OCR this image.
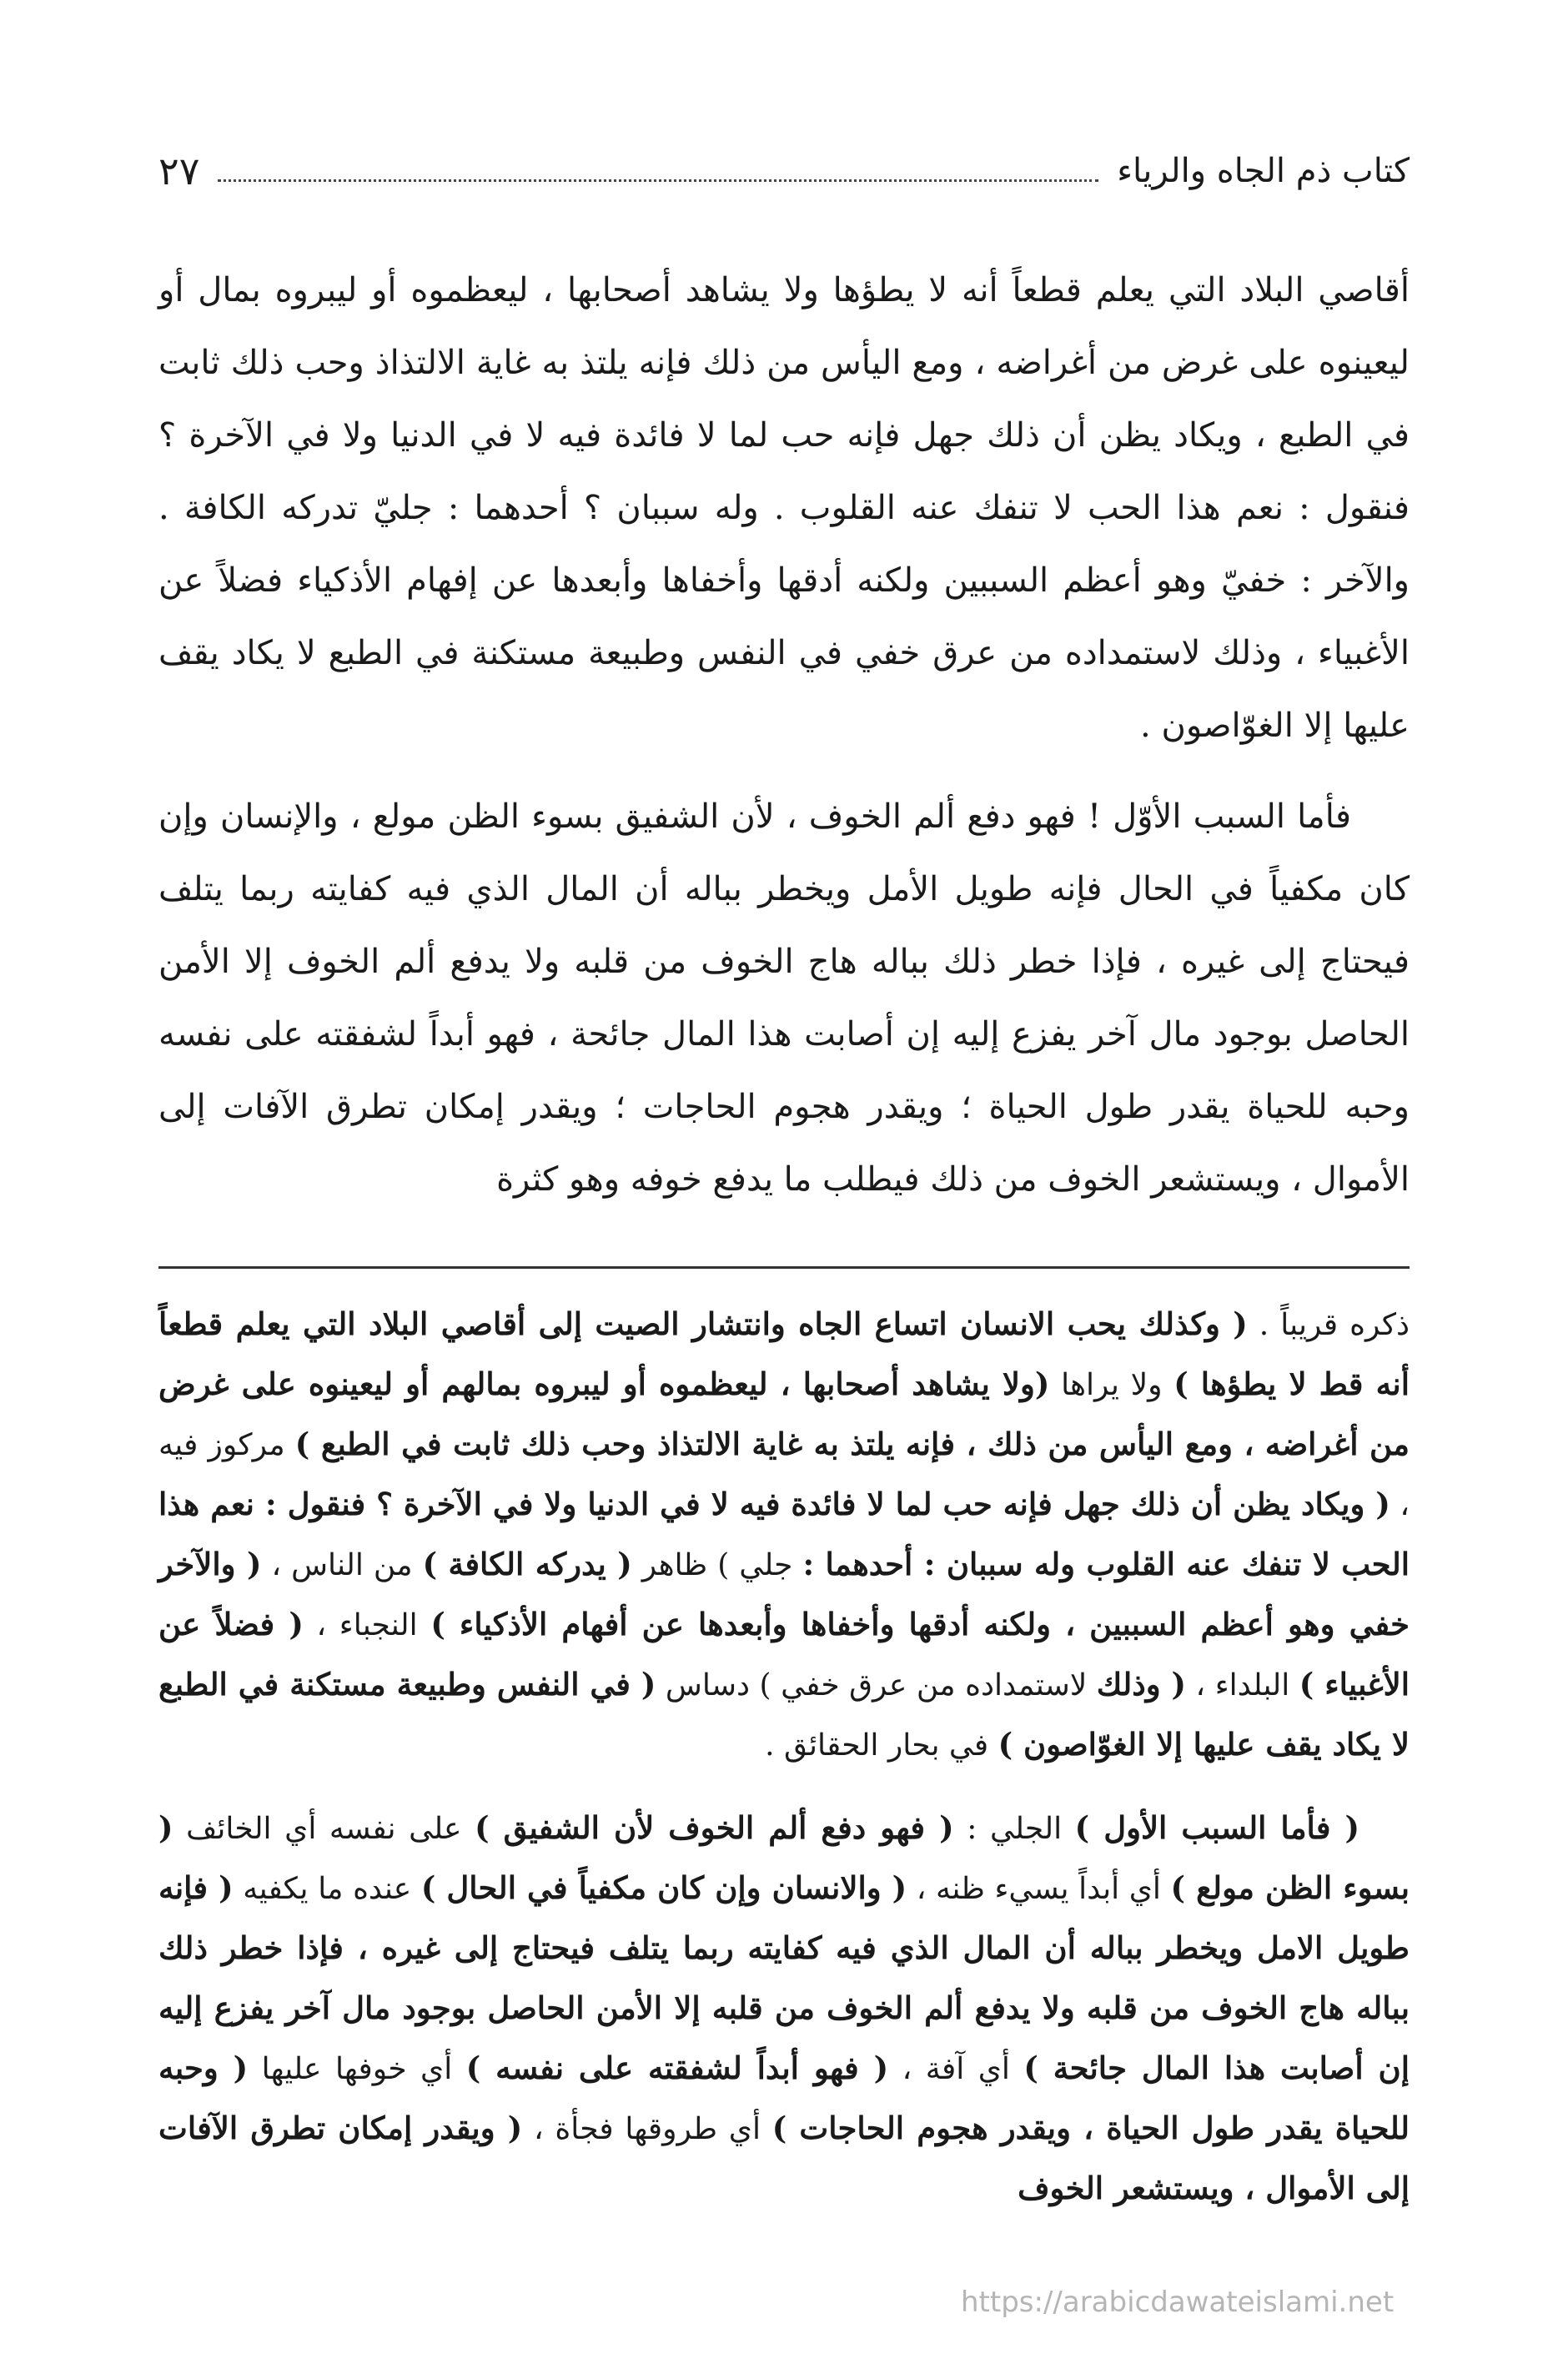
كتاب ذم الجاه والرياء
٢٧

أقاصي البلاد التي يعلم قطعاً أنه لا يطؤها ولا يشاهد أصحابها ، ليعظموه أو ليبروه بمال أو ليعينوه على غرض من أغراضه ، ومع اليأس من ذلك فإنه يلتذ به غاية الالتذاذ وحب ذلك ثابت في الطبع ، ويكاد يظن أن ذلك جهل فإنه حب لما لا فائدة فيه لا في الدنيا ولا في الآخرة ؟ فنقول : نعم هذا الحب لا تنفك عنه القلوب . وله سببان ؟ أحدهما : جليّ تدركه الكافة . والآخر : خفيّ وهو أعظم السببين ولكنه أدقها وأخفاها وأبعدها عن إفهام الأذكياء فضلاً عن الأغبياء ، وذلك لاستمداده من عرق خفي في النفس وطبيعة مستكنة في الطبع لا يكاد يقف عليها إلا الغوّاصون .

فأما السبب الأوّل ! فهو دفع ألم الخوف ، لأن الشفيق بسوء الظن مولع ، والإنسان وإن كان مكفياً في الحال فإنه طويل الأمل ويخطر بباله أن المال الذي فيه كفايته ربما يتلف فيحتاج إلى غيره ، فإذا خطر ذلك بباله هاج الخوف من قلبه ولا يدفع ألم الخوف إلا الأمن الحاصل بوجود مال آخر يفزع إليه إن أصابت هذا المال جائحة ، فهو أبداً لشفقته على نفسه وحبه للحياة يقدر طول الحياة ؛ ويقدر هجوم الحاجات ؛ ويقدر إمكان تطرق الآفات إلى الأموال ، ويستشعر الخوف من ذلك فيطلب ما يدفع خوفه وهو كثرة

ذكره قريباً . ( وكذلك يحب الانسان اتساع الجاه وانتشار الصيت إلى أقاصي البلاد التي يعلم قطعاً أنه قط لا يطؤها ) ولا يراها (ولا يشاهد أصحابها ، ليعظموه أو ليبروه بمالهم أو ليعينوه على غرض من أغراضه ، ومع اليأس من ذلك ، فإنه يلتذ به غاية الالتذاذ وحب ذلك ثابت في الطبع ) مركوز فيه ، ( ويكاد يظن أن ذلك جهل فإنه حب لما لا فائدة فيه لا في الدنيا ولا في الآخرة ؟ فنقول : نعم هذا الحب لا تنفك عنه القلوب وله سببان : أحدهما : جلي ) ظاهر ( يدركه الكافة ) من الناس ، ( والآخر خفي وهو أعظم السببين ، ولكنه أدقها وأخفاها وأبعدها عن أفهام الأذكياء ) النجباء ، ( فضلاً عن الأغبياء ) البلداء ، ( وذلك لاستمداده من عرق خفي ) دساس ( في النفس وطبيعة مستكنة في الطبع لا يكاد يقف عليها إلا الغوّاصون ) في بحار الحقائق .

( فأما السبب الأول ) الجلي : ( فهو دفع ألم الخوف لأن الشفيق ) على نفسه أي الخائف ( بسوء الظن مولع ) أي أبداً يسيء ظنه ، ( والانسان وإن كان مكفياً في الحال ) عنده ما يكفيه ( فإنه طويل الامل ويخطر بباله أن المال الذي فيه كفايته ربما يتلف فيحتاج إلى غيره ، فإذا خطر ذلك بباله هاج الخوف من قلبه ولا يدفع ألم الخوف من قلبه إلا الأمن الحاصل بوجود مال آخر يفزع إليه إن أصابت هذا المال جائحة ) أي آفة ، ( فهو أبداً لشفقته على نفسه ) أي خوفها عليها ( وحبه للحياة يقدر طول الحياة ، ويقدر هجوم الحاجات ) أي طروقها فجأة ، ( ويقدر إمكان تطرق الآفات إلى الأموال ، ويستشعر الخوف

https://arabicdawateislami.net
